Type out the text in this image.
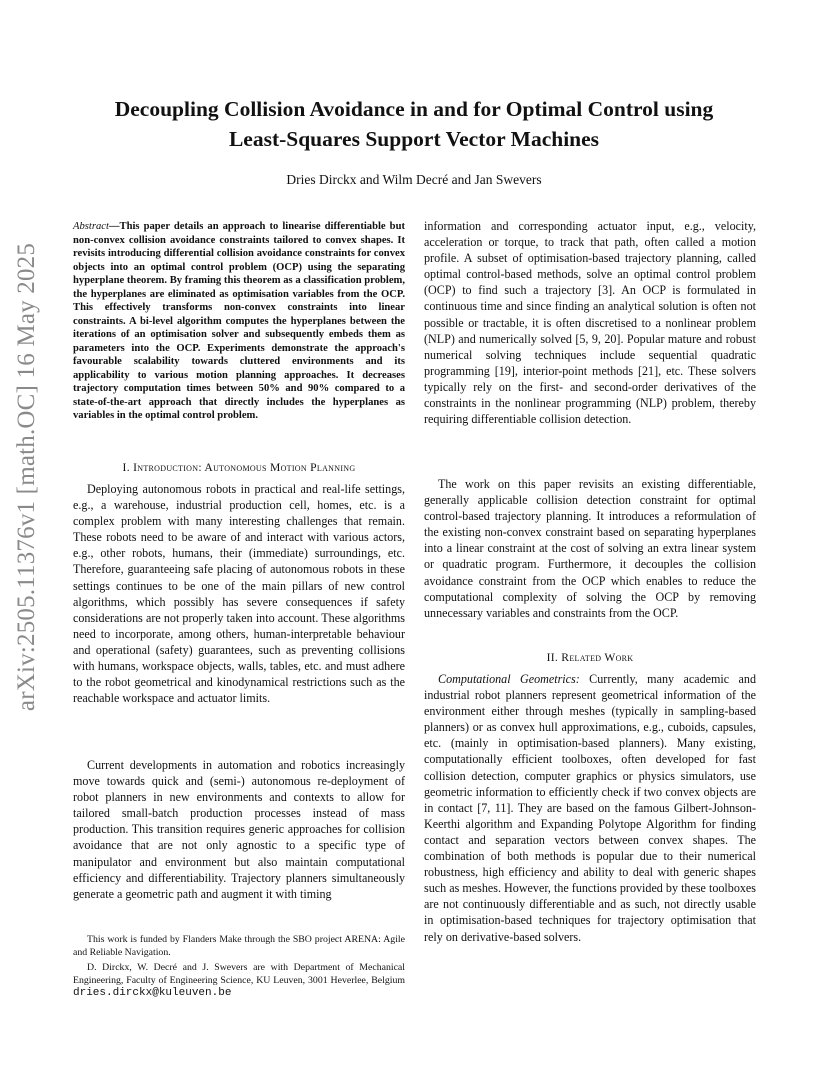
Decoupling Collision Avoidance in and for Optimal Control using
Least-Squares Support Vector Machines
Dries Dirckx and Wilm Decré and Jan Swevers
arXiv:2505.11376v1 [math.OC] 16 May 2025
Abstract—This paper details an approach to linearise differentiable but non-convex collision avoidance constraints tailored to convex shapes. It revisits introducing differential collision avoidance constraints for convex objects into an optimal control problem (OCP) using the separating hyperplane theorem. By framing this theorem as a classification problem, the hyperplanes are eliminated as optimisation variables from the OCP. This effectively transforms non-convex constraints into linear constraints. A bi-level algorithm computes the hyperplanes between the iterations of an optimisation solver and subsequently embeds them as parameters into the OCP. Experiments demonstrate the approach's favourable scalability towards cluttered environments and its applicability to various motion planning approaches. It decreases trajectory computation times between 50% and 90% compared to a state-of-the-art approach that directly includes the hyperplanes as variables in the optimal control problem.
I. Introduction: Autonomous Motion Planning
Deploying autonomous robots in practical and real-life settings, e.g., a warehouse, industrial production cell, homes, etc. is a complex problem with many interesting challenges that remain. These robots need to be aware of and interact with various actors, e.g., other robots, humans, their (immediate) surroundings, etc. Therefore, guaranteeing safe placing of autonomous robots in these settings continues to be one of the main pillars of new control algorithms, which possibly has severe consequences if safety considerations are not properly taken into account. These algorithms need to incorporate, among others, human-interpretable behaviour and operational (safety) guarantees, such as preventing collisions with humans, workspace objects, walls, tables, etc. and must adhere to the robot geometrical and kinodynamical restrictions such as the reachable workspace and actuator limits.
Current developments in automation and robotics increasingly move towards quick and (semi-) autonomous re-deployment of robot planners in new environments and contexts to allow for tailored small-batch production processes instead of mass production. This transition requires generic approaches for collision avoidance that are not only agnostic to a specific type of manipulator and environment but also maintain computational efficiency and differentiability. Trajectory planners simultaneously generate a geometric path and augment it with timing

This work is funded by Flanders Make through the SBO project ARENA: Agile and Reliable Navigation.

D. Dirckx, W. Decré and J. Swevers are with Department of Mechanical Engineering, Faculty of Engineering Science, KU Leuven, 3001 Heverlee, Belgium dries.dirckx@kuleuven.be

information and corresponding actuator input, e.g., velocity, acceleration or torque, to track that path, often called a motion profile. A subset of optimisation-based trajectory planning, called optimal control-based methods, solve an optimal control problem (OCP) to find such a trajectory [3]. An OCP is formulated in continuous time and since finding an analytical solution is often not possible or tractable, it is often discretised to a nonlinear problem (NLP) and numerically solved [5, 9, 20]. Popular mature and robust numerical solving techniques include sequential quadratic programming [19], interior-point methods [21], etc. These solvers typically rely on the first- and second-order derivatives of the constraints in the nonlinear programming (NLP) problem, thereby requiring differentiable collision detection.
The work on this paper revisits an existing differentiable, generally applicable collision detection constraint for optimal control-based trajectory planning. It introduces a reformulation of the existing non-convex constraint based on separating hyperplanes into a linear constraint at the cost of solving an extra linear system or quadratic program. Furthermore, it decouples the collision avoidance constraint from the OCP which enables to reduce the computational complexity of solving the OCP by removing unnecessary variables and constraints from the OCP.
II. Related Work
Computational Geometrics: Currently, many academic and industrial robot planners represent geometrical information of the environment either through meshes (typically in sampling-based planners) or as convex hull approximations, e.g., cuboids, capsules, etc. (mainly in optimisation-based planners). Many existing, computationally efficient toolboxes, often developed for fast collision detection, computer graphics or physics simulators, use geometric information to efficiently check if two convex objects are in contact [7, 11]. They are based on the famous Gilbert-Johnson-Keerthi algorithm and Expanding Polytope Algorithm for finding contact and separation vectors between convex shapes. The combination of both methods is popular due to their numerical robustness, high efficiency and ability to deal with generic shapes such as meshes. However, the functions provided by these toolboxes are not continuously differentiable and as such, not directly usable in optimisation-based techniques for trajectory optimisation that rely on derivative-based solvers.
